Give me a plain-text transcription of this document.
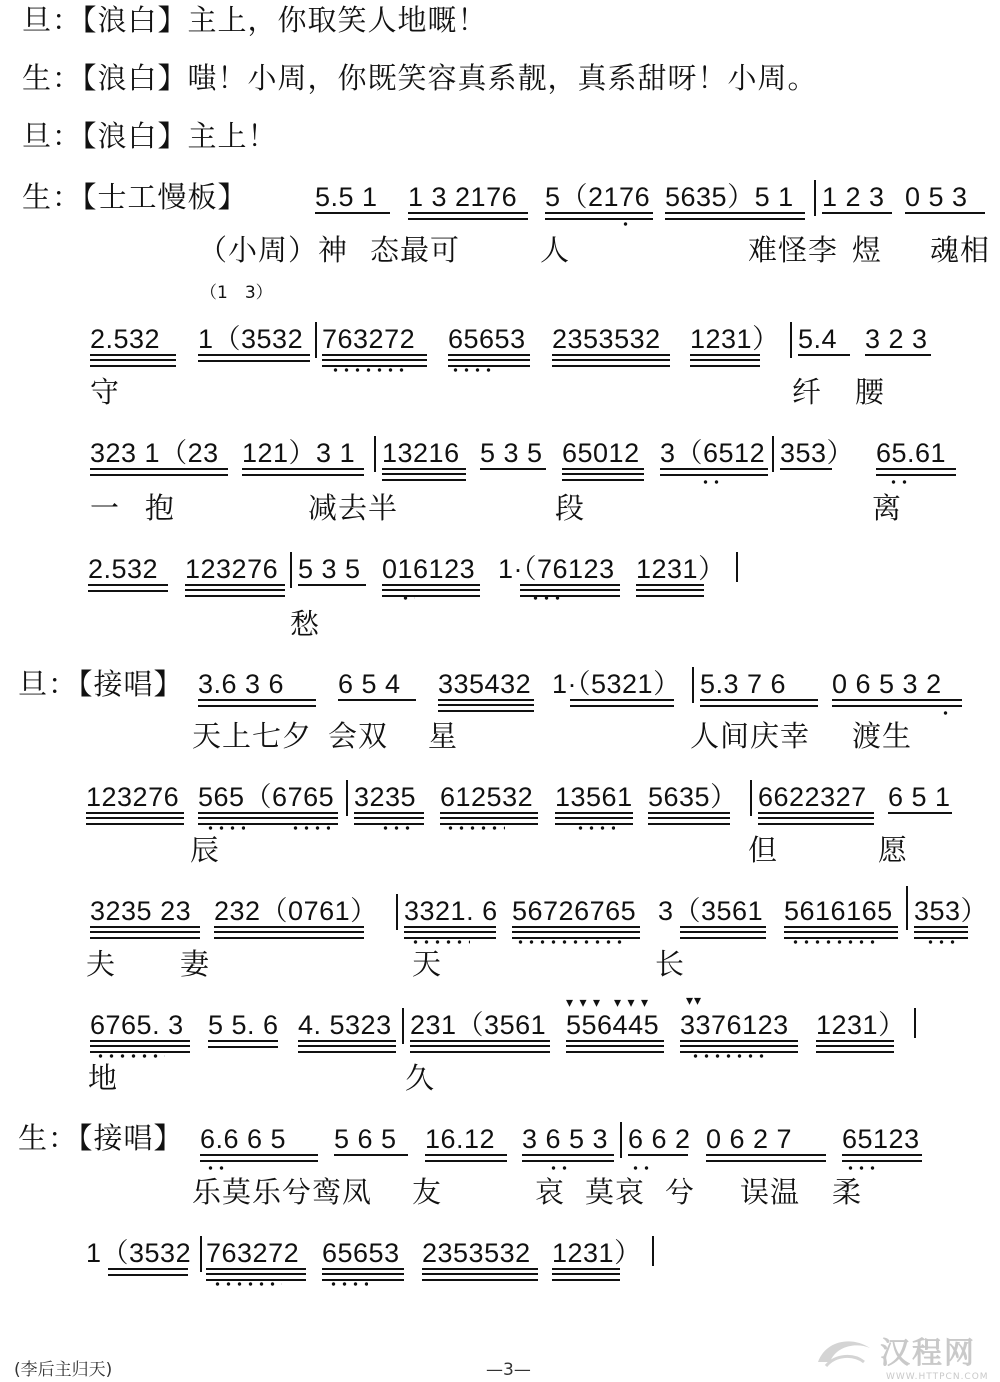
旦：【浪白】主上，你取笑人地嘅！
生：【浪白】嗤！小周，你既笑容真系靓，真系甜呀！小周。
旦：【浪白】主上！
生：【士工慢板】 5.5 1 1 3 2176 5（2176 5635）5 1 1 2 3 0 5 3
（小周）神 态最可	人	难怪李 煜 魂相
（1　3）
2.532 1（3532 763272 65653 2353532 1231） 5.4 3 2 3
守	纤 腰
323 1（23 121）3 1 13216 5 3 5 65012 3（6512 353） 65.61
一 抱	减去半	段	离
2.532 123276 5 3 5 016123 1·（76123 1231）
愁
旦：【接唱】 3.6 3 6 6 5 4 335432 1·（5321） 5.3 7 6 0 6 5 3 2
天上七夕 会双 星	人间庆幸 渡生
123276 565（6765 3235 612532 13561 5635） 6622327 6 5 1
辰	但	愿
3235 23 232（0761） 3321. 6 56726765 3（3561 5616165 353）
夫 妻	天	长
▾ ▾ ▾ ▾ ▾ ▾	▾▾
6765. 3 5 5. 6 4. 5323 231（3561 556445 3376123 1231）
地	久
生：【接唱】 6.6 6 5 5 6 5 16.12 3 6 5 3 6 6 2 0 6 2 7 65123
乐莫乐兮鸾凤 友	哀 莫哀 兮 误温 柔
1（3532 763272 65653 2353532 1231）
(李后主归天)	—3—	汉程网
WWW.HTTPCN.COM
